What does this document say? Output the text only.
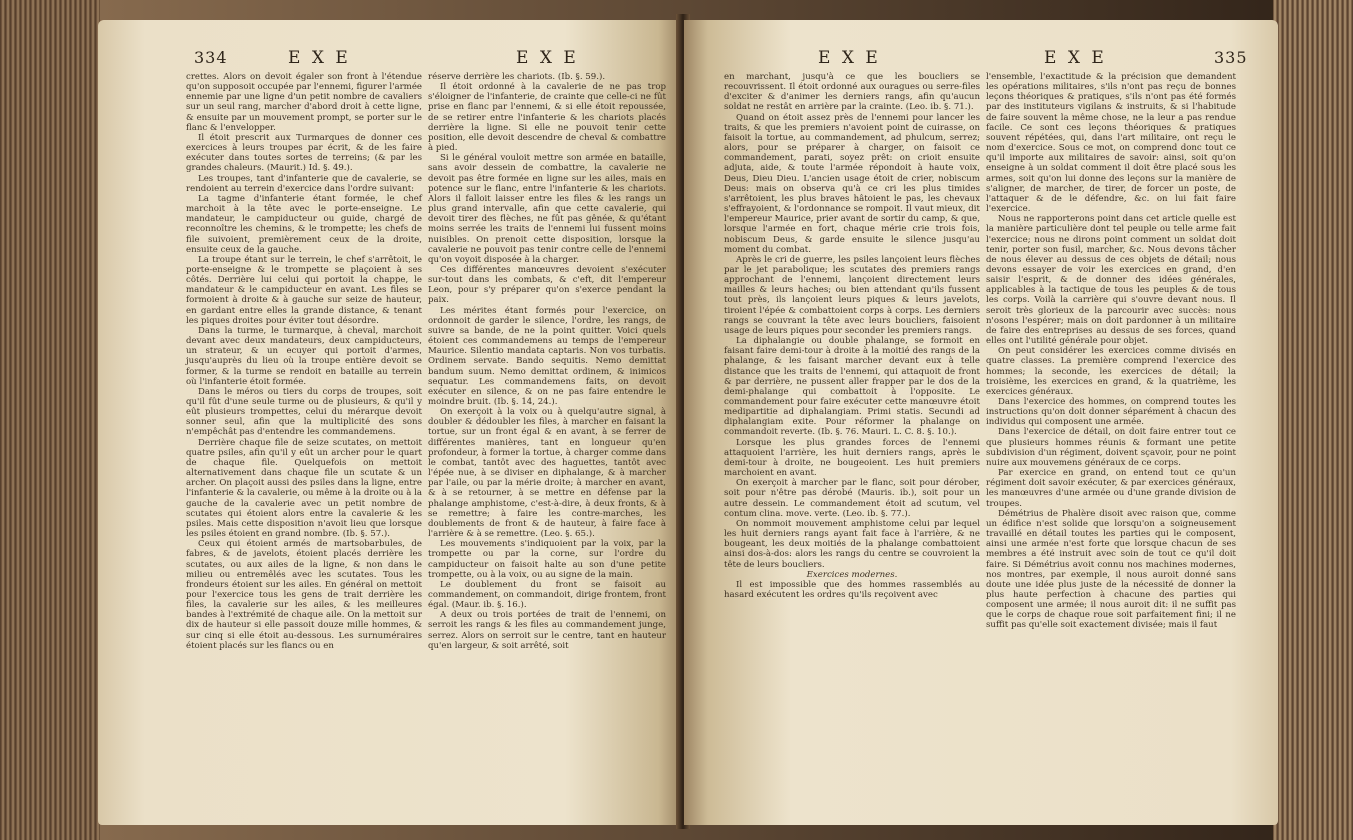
334	E X E	E X E

crettes. Alors on devoit égaler son front à l'étendue qu'on supposoit occupée par l'ennemi, figurer l'armée ennemie par une ligne d'un petit nombre de cavaliers sur un seul rang, marcher d'abord droit à cette ligne, & ensuite par un mouvement prompt, se porter sur le flanc & l'envelopper.

Il étoit prescrit aux Turmarques de donner ces exercices à leurs troupes par écrit, & de les faire exécuter dans toutes sortes de terreins; (& par les grandes chaleurs. (Maurit.) Id. §. 49.).

Les troupes, tant d'infanterie que de cavalerie, se rendoient au terrein d'exercice dans l'ordre suivant:

La tagme d'infanterie étant formée, le chef marchoit à la tête avec le porte-enseigne. Le mandateur, le campiducteur ou guide, chargé de reconnoître les chemins, & le trompette; les chefs de file suivoient, premièrement ceux de la droite, ensuite ceux de la gauche.

La troupe étant sur le terrein, le chef s'arrêtoit, le porte-enseigne & le trompette se plaçoient à ses côtés. Derrière lui celui qui portoit la chappe, le mandateur & le campiducteur en avant. Les files se formoient à droite & à gauche sur seize de hauteur, en gardant entre elles la grande distance, & tenant les piques droites pour éviter tout désordre.

Dans la turme, le turmarque, à cheval, marchoit devant avec deux mandateurs, deux campiducteurs, un strateur, & un ecuyer qui portoit d'armes, jusqu'auprès du lieu où la troupe entière devoit se former, & la turme se rendoit en bataille au terrein où l'infanterie étoit formée.

Dans le méros ou tiers du corps de troupes, soit qu'il fût d'une seule turme ou de plusieurs, & qu'il y eût plusieurs trompettes, celui du mérarque devoit sonner seul, afin que la multiplicité des sons n'empêchât pas d'entendre les commandemens.

Derrière chaque file de seize scutates, on mettoit quatre psiles, afin qu'il y eût un archer pour le quart de chaque file. Quelquefois on mettoit alternativement dans chaque file un scutate & un archer. On plaçoit aussi des psiles dans la ligne, entre l'infanterie & la cavalerie, ou même à la droite ou à la gauche de la cavalerie avec un petit nombre de scutates qui étoient alors entre la cavalerie & les psiles. Mais cette disposition n'avoit lieu que lorsque les psiles étoient en grand nombre. (Ib. §. 57.).

Ceux qui étoient armés de martsobarbules, de fabres, & de javelots, étoient placés derrière les scutates, ou aux ailes de la ligne, & non dans le milieu ou entremêlés avec les scutates. Tous les frondeurs étoient sur les ailes. En général on mettoit pour l'exercice tous les gens de trait derrière les files, la cavalerie sur les ailes, & les meilleures bandes à l'extrémité de chaque aile. On la mettoit sur dix de hauteur si elle passoit douze mille hommes, & sur cinq si elle étoit au-dessous. Les surnuméraires étoient placés sur les flancs ou en

réserve derrière les chariots. (Ib. §. 59.).

Il étoit ordonné à la cavalerie de ne pas trop s'éloigner de l'infanterie, de crainte que celle-ci ne fût prise en flanc par l'ennemi, & si elle étoit repoussée, de se retirer entre l'infanterie & les chariots placés derrière la ligne. Si elle ne pouvoit tenir cette position, elle devoit descendre de cheval & combattre à pied.

Si le général vouloit mettre son armée en bataille, sans avoir dessein de combattre, la cavalerie ne devoit pas être formée en ligne sur les ailes, mais en potence sur le flanc, entre l'infanterie & les chariots. Alors il falloit laisser entre les files & les rangs un plus grand intervalle, afin que cette cavalerie, qui devoit tirer des flèches, ne fût pas gênée, & qu'étant moins serrée les traits de l'ennemi lui fussent moins nuisibles. On prenoit cette disposition, lorsque la cavalerie ne pouvoit pas tenir contre celle de l'ennemi qu'on voyoit disposée à la charger.

Ces différentes manœuvres devoient s'exécuter sur-tout dans les combats, & c'eft, dit l'empereur Leon, pour s'y préparer qu'on s'exerce pendant la paix.

Les mérites étant formés pour l'exercice, on ordonnoit de garder le silence, l'ordre, les rangs, de suivre sa bande, de ne la point quitter. Voici quels étoient ces commandemens au temps de l'empereur Maurice. Silentio mandata captaris. Non vos turbatis. Ordinem servate. Bando sequitis. Nemo demittat bandum suum. Nemo demittat ordinem, & inimicos sequatur. Les commandemens faits, on devoit exécuter en silence, & on ne pas faire entendre le moindre bruit. (Ib. §. 14, 24.).

On exerçoit à la voix ou à quelqu'autre signal, à doubler & dédoubler les files, à marcher en faisant la tortue, sur un front égal & en avant, à se ferrer de différentes manières, tant en longueur qu'en profondeur, à former la tortue, à charger comme dans le combat, tantôt avec des haguettes, tantôt avec l'épée nue, à se diviser en diphalange, & à marcher par l'aile, ou par la mérie droite; à marcher en avant, & à se retourner, à se mettre en défense par la phalange amphistome, c'est-à-dire, à deux fronts, & à se remettre; à faire les contre-marches, les doublements de front & de hauteur, à faire face à l'arrière & à se remettre. (Leo. §. 65.).

Les mouvements s'indiquoient par la voix, par la trompette ou par la corne, sur l'ordre du campiducteur on faisoit halte au son d'une petite trompette, ou à la voix, ou au signe de la main.

Le doublement du front se faisoit au commandement, on commandoit, dirige frontem, front égal. (Maur. ib. §. 16.).

A deux ou trois portées de trait de l'ennemi, on serroit les rangs & les files au commandement junge, serrez. Alors on serroit sur le centre, tant en hauteur qu'en largeur, & soit arrêté, soit

E X E	E X E	335

en marchant, jusqu'à ce que les boucliers se recouvrissent. Il étoit ordonné aux ouragues ou serre-files d'exciter & d'animer les derniers rangs, afin qu'aucun soldat ne restât en arrière par la crainte. (Leo. ib. §. 71.).

Quand on étoit assez près de l'ennemi pour lancer les traits, & que les premiers n'avoient point de cuirasse, on faisoit la tortue, au commandement, ad phulcum, serrez; alors, pour se préparer à charger, on faisoit ce commandement, parati, soyez prêt: on crioit ensuite adjuta, aide, & toute l'armée répondoit à haute voix, Deus, Dieu Dieu. L'ancien usage étoit de crier, nobiscum Deus: mais on observa qu'à ce cri les plus timides s'arrêtoient, les plus braves hâtoient le pas, les chevaux s'effrayoient, & l'ordonnance se rompoit. Il vaut mieux, dit l'empereur Maurice, prier avant de sortir du camp, & que, lorsque l'armée en fort, chaque mérie crie trois fois, nobiscum Deus, & garde ensuite le silence jusqu'au moment du combat.

Après le cri de guerre, les psiles lançoient leurs flèches par le jet parabolique; les scutates des premiers rangs approchant de l'ennemi, lançoient directement leurs mailles & leurs haches; ou bien attendant qu'ils fussent tout près, ils lançoient leurs piques & leurs javelots, tiroient l'épée & combattoient corps à corps. Les derniers rangs se couvrant la tête avec leurs boucliers, faisoient usage de leurs piques pour seconder les premiers rangs.

La diphalangie ou double phalange, se formoit en faisant faire demi-tour à droite à la moitié des rangs de la phalange, & les faisant marcher devant eux à telle distance que les traits de l'ennemi, qui attaquoit de front & par derrière, ne pussent aller frapper par le dos de la demi-phalange qui combattoit à l'opposite. Le commandement pour faire exécuter cette manœuvre étoit medipartitie ad diphalangiam. Primi statis. Secundi ad diphalangiam exite. Pour réformer la phalange on commandoit reverte. (Ib. §. 76. Mauri. L. C. 8. §. 10.).

Lorsque les plus grandes forces de l'ennemi attaquoient l'arrière, les huit derniers rangs, après le demi-tour à droite, ne bougeoient. Les huit premiers marchoient en avant.

On exerçoit à marcher par le flanc, soit pour dérober, soit pour n'être pas dérobé (Mauris. ib.), soit pour un autre dessein. Le commandement étoit ad scutum, vel contum clina. move. verte. (Leo. ib. §. 77.).

On nommoit mouvement amphistome celui par lequel les huit derniers rangs ayant fait face à l'arrière, & ne bougeant, les deux moitiés de la phalange combattoient ainsi dos-à-dos: alors les rangs du centre se couvroient la tête de leurs boucliers.

Exercices modernes.

Il est impossible que des hommes rassemblés au hasard exécutent les ordres qu'ils reçoivent avec

l'ensemble, l'exactitude & la précision que demandent les opérations militaires, s'ils n'ont pas reçu de bonnes leçons théoriques & pratiques, s'ils n'ont pas été formés par des instituteurs vigilans & instruits, & si l'habitude de faire souvent la même chose, ne la leur a pas rendue facile. Ce sont ces leçons théoriques & pratiques souvent répétées, qui, dans l'art militaire, ont reçu le nom d'exercice. Sous ce mot, on comprend donc tout ce qu'il importe aux militaires de savoir: ainsi, soit qu'on enseigne à un soldat comment il doit être placé sous les armes, soit qu'on lui donne des leçons sur la manière de s'aligner, de marcher, de tirer, de forcer un poste, de l'attaquer & de le défendre, &c. on lui fait faire l'exercice.

Nous ne rapporterons point dans cet article quelle est la manière particulière dont tel peuple ou telle arme fait l'exercice; nous ne dirons point comment un soldat doit tenir, porter son fusil, marcher, &c. Nous devons tâcher de nous élever au dessus de ces objets de détail; nous devons essayer de voir les exercices en grand, d'en saisir l'esprit, & de donner des idées générales, applicables à la tactique de tous les peuples & de tous les corps. Voilà la carrière qui s'ouvre devant nous. Il seroit très glorieux de la parcourir avec succès: nous n'osons l'espérer; mais on doit pardonner à un militaire de faire des entreprises au dessus de ses forces, quand elles ont l'utilité générale pour objet.

On peut considérer les exercices comme divisés en quatre classes. La première comprend l'exercice des hommes; la seconde, les exercices de détail; la troisième, les exercices en grand, & la quatrième, les exercices généraux.

Dans l'exercice des hommes, on comprend toutes les instructions qu'on doit donner séparément à chacun des individus qui composent une armée.

Dans l'exercice de détail, on doit faire entrer tout ce que plusieurs hommes réunis & formant une petite subdivision d'un régiment, doivent sçavoir, pour ne point nuire aux mouvemens généraux de ce corps.

Par exercice en grand, on entend tout ce qu'un régiment doit savoir exécuter, & par exercices généraux, les manœuvres d'une armée ou d'une grande division de troupes.

Démétrius de Phalère disoit avec raison que, comme un édifice n'est solide que lorsqu'on a soigneusement travaillé en détail toutes les parties qui le composent, ainsi une armée n'est forte que lorsque chacun de ses membres a été instruit avec soin de tout ce qu'il doit faire. Si Démétrius avoit connu nos machines modernes, nos montres, par exemple, il nous auroit donné sans doute une idée plus juste de la nécessité de donner la plus haute perfection à chacune des parties qui composent une armée; il nous auroit dit: il ne suffit pas que le corps de chaque roue soit parfaitement fini; il ne suffit pas qu'elle soit exactement divisée; mais il faut
